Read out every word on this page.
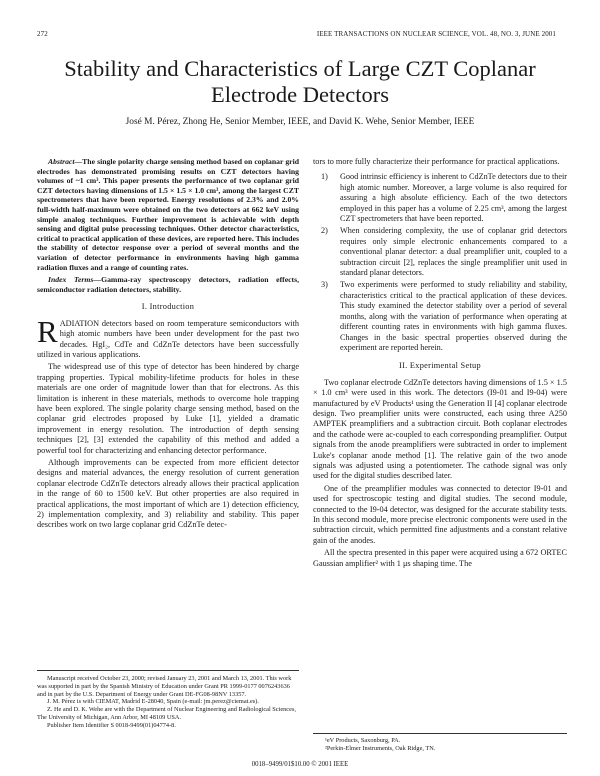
272	IEEE TRANSACTIONS ON NUCLEAR SCIENCE, VOL. 48, NO. 3, JUNE 2001
Stability and Characteristics of Large CZT Coplanar Electrode Detectors
José M. Pérez, Zhong He, Senior Member, IEEE, and David K. Wehe, Senior Member, IEEE

Abstract—The single polarity charge sensing method based on coplanar grid electrodes has demonstrated promising results on CZT detectors having volumes of ~1 cm³. This paper presents the performance of two coplanar grid CZT detectors having dimensions of 1.5 × 1.5 × 1.0 cm³, among the largest CZT spectrometers that have been reported. Energy resolutions of 2.3% and 2.0% full-width half-maximum were obtained on the two detectors at 662 keV using simple analog techniques. Further improvement is achievable with depth sensing and digital pulse processing techniques. Other detector characteristics, critical to practical application of these devices, are reported here. This includes the stability of detector response over a period of several months and the variation of detector performance in environments having high gamma radiation fluxes and a range of counting rates.

Index Terms—Gamma-ray spectroscopy detectors, radiation effects, semiconductor radiation detectors, stability.

I. Introduction

RADIATION detectors based on room temperature semiconductors with high atomic numbers have been under development for the past two decades. HgI₂, CdTe and CdZnTe detectors have been successfully utilized in various applications.

The widespread use of this type of detector has been hindered by charge trapping properties. Typical mobility-lifetime products for holes in these materials are one order of magnitude lower than that for electrons. As this limitation is inherent in these materials, methods to overcome hole trapping have been explored. The single polarity charge sensing method, based on the coplanar grid electrodes proposed by Luke [1], yielded a dramatic improvement in energy resolution. The introduction of depth sensing techniques [2], [3] extended the capability of this method and added a powerful tool for characterizing and enhancing detector performance.

Although improvements can be expected from more efficient detector designs and material advances, the energy resolution of current generation coplanar electrode CdZnTe detectors already allows their practical application in the range of 60 to 1500 keV. But other properties are also required in practical applications, the most important of which are 1) detection efficiency, 2) implementation complexity, and 3) reliability and stability. This paper describes work on two large coplanar grid CdZnTe detec-

tors to more fully characterize their performance for practical applications.

1) Good intrinsic efficiency is inherent to CdZnTe detectors due to their high atomic number. Moreover, a large volume is also required for assuring a high absolute efficiency. Each of the two detectors employed in this paper has a volume of 2.25 cm³, among the largest CZT spectrometers that have been reported.
2) When considering complexity, the use of coplanar grid detectors requires only simple electronic enhancements compared to a conventional planar detector: a dual preamplifier unit, coupled to a subtraction circuit [2], replaces the single preamplifier unit used in standard planar detectors.
3) Two experiments were performed to study reliability and stability, characteristics critical to the practical application of these devices. This study examined the detector stability over a period of several months, along with the variation of performance when operating at different counting rates in environments with high gamma fluxes. Changes in the basic spectral properties observed during the experiment are reported herein.
II. Experimental Setup

Two coplanar electrode CdZnTe detectors having dimensions of 1.5 × 1.5 × 1.0 cm³ were used in this work. The detectors (I9-01 and I9-04) were manufactured by eV Products¹ using the Generation II [4] coplanar electrode design. Two preamplifier units were constructed, each using three A250 AMPTEK preamplifiers and a subtraction circuit. Both coplanar electrodes and the cathode were ac-coupled to each corresponding preamplifier. Output signals from the anode preamplifiers were subtracted in order to implement Luke's coplanar anode method [1]. The relative gain of the two anode signals was adjusted using a potentiometer. The cathode signal was only used for the digital studies described later.

One of the preamplifier modules was connected to detector I9-01 and used for spectroscopic testing and digital studies. The second module, connected to the I9-04 detector, was designed for the accurate stability tests. In this second module, more precise electronic components were used in the subtraction circuit, which permitted fine adjustments and a constant relative gain of the anodes.

All the spectra presented in this paper were acquired using a 672 ORTEC Gaussian amplifier² with 1 μs shaping time. The

Manuscript received October 23, 2000; revised January 23, 2001 and March 13, 2001. This work was supported in part by the Spanish Ministry of Education under Grant PR 1999-0177 0076243636 and in part by the U.S. Department of Energy under Grant DE-FG08-98NV 13357.

J. M. Pérez is with CIEMAT, Madrid E-28040, Spain (e-mail: jm.perez@ciemat.es).

Z. He and D. K. Wehe are with the Department of Nuclear Engineering and Radiological Sciences, The University of Michigan, Ann Arbor, MI 48109 USA.

Publisher Item Identifier S 0018-9499(01)04774-8.

¹eV Products, Saxonburg, PA.

²Perkin-Elmer Instruments, Oak Ridge, TN.

0018–9499/01$10.00 © 2001 IEEE
